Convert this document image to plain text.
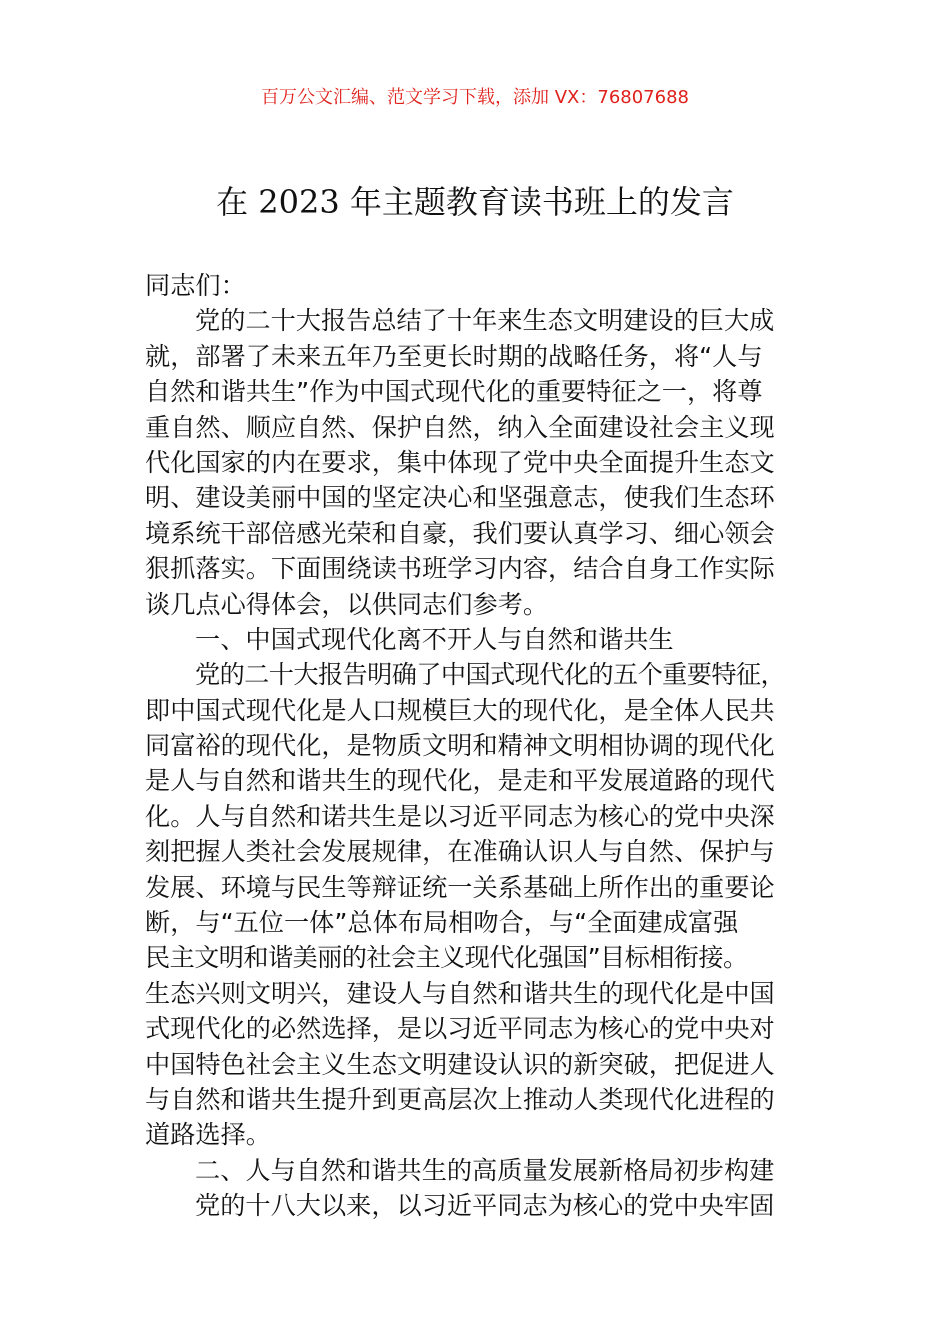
百万公文汇编、范文学习下载，添加 VX：76807688
在 2023 年主题教育读书班上的发言
同志们：
党的二十大报告总结了十年来生态文明建设的巨大成
就，部署了未来五年乃至更长时期的战略任务，将“人与
自然和谐共生”作为中国式现代化的重要特征之一，将尊
重自然、顺应自然、保护自然，纳入全面建设社会主义现
代化国家的内在要求，集中体现了党中央全面提升生态文
明、建设美丽中国的坚定决心和坚强意志，使我们生态环
境系统干部倍感光荣和自豪，我们要认真学习、细心领会
狠抓落实。下面围绕读书班学习内容，结合自身工作实际
谈几点心得体会，以供同志们参考。
一、中国式现代化离不开人与自然和谐共生
党的二十大报告明确了中国式现代化的五个重要特征，
即中国式现代化是人口规模巨大的现代化，是全体人民共
同富裕的现代化，是物质文明和精神文明相协调的现代化
是人与自然和谐共生的现代化，是走和平发展道路的现代
化。人与自然和诺共生是以习近平同志为核心的党中央深
刻把握人类社会发展规律，在准确认识人与自然、保护与
发展、环境与民生等辩证统一关系基础上所作出的重要论
断，与“五位一体”总体布局相吻合，与“全面建成富强
民主文明和谐美丽的社会主义现代化强国”目标相衔接。
生态兴则文明兴，建设人与自然和谐共生的现代化是中国
式现代化的必然选择，是以习近平同志为核心的党中央对
中国特色社会主义生态文明建设认识的新突破，把促进人
与自然和谐共生提升到更高层次上推动人类现代化进程的
道路选择。
二、人与自然和谐共生的高质量发展新格局初步构建
党的十八大以来，以习近平同志为核心的党中央牢固
